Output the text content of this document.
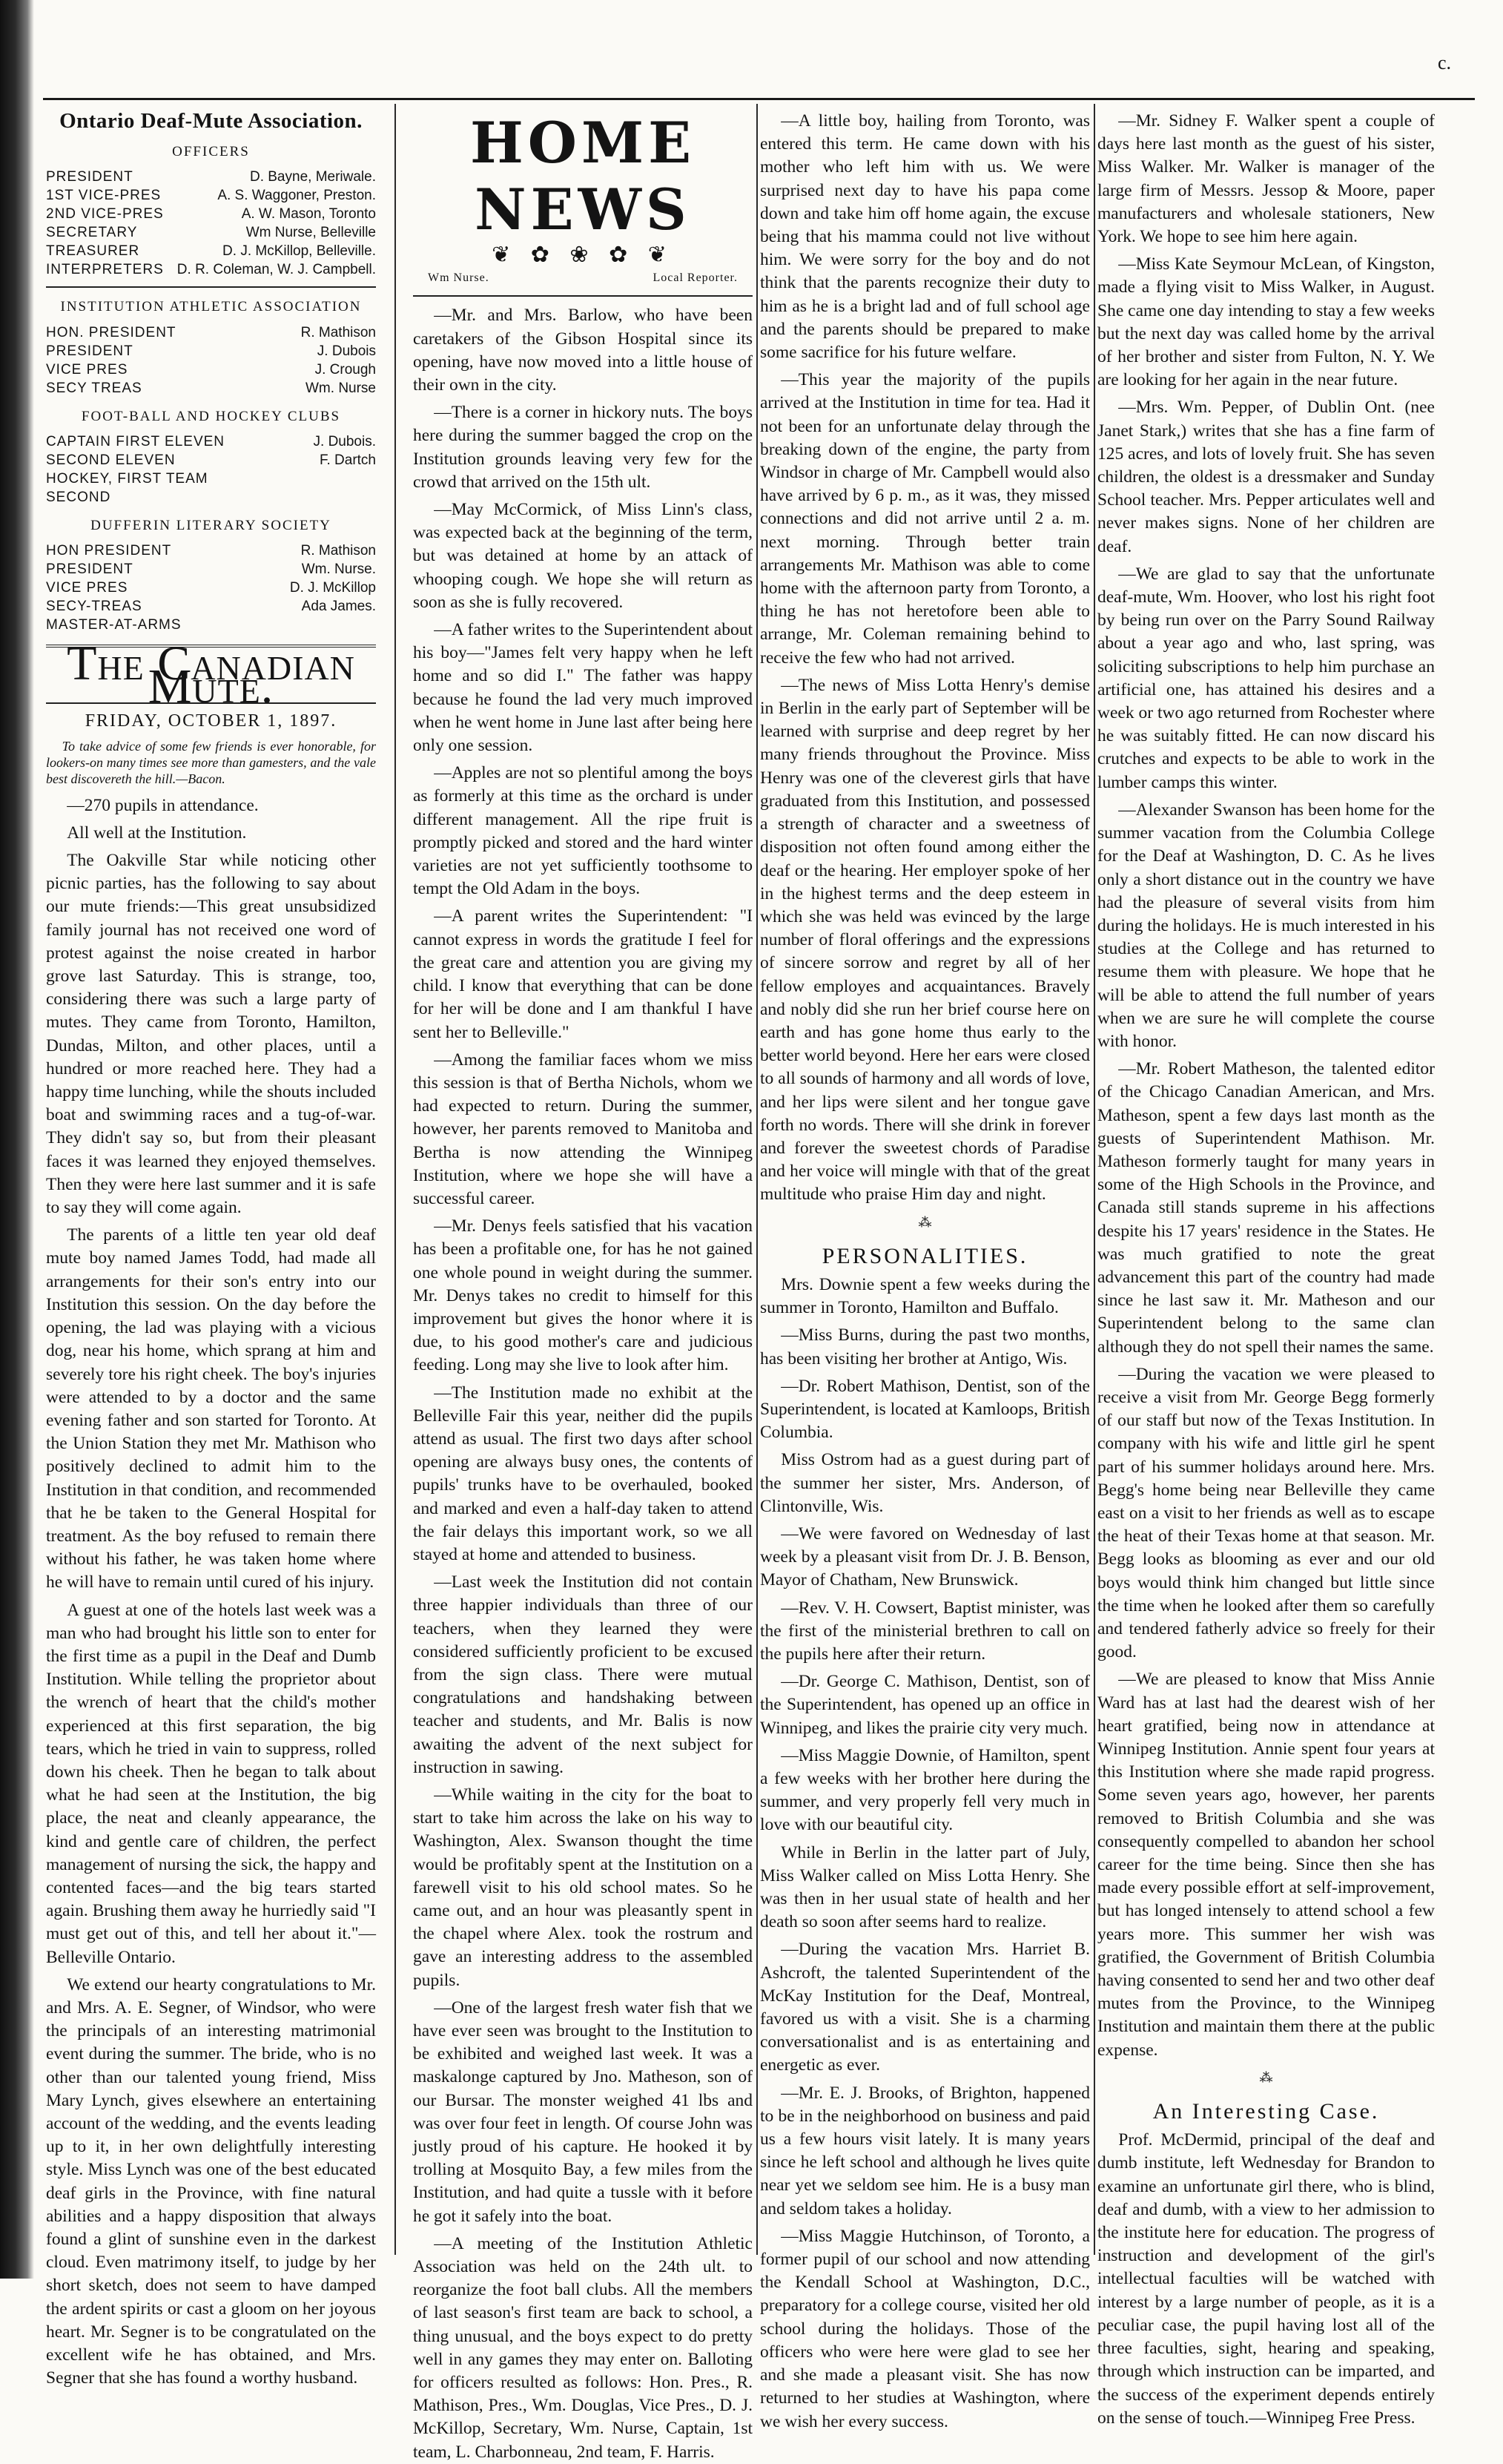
c.
Ontario Deaf-Mute Association.
OFFICERS
PRESIDENT	D. Bayne, Meriwale.
1ST VICE-PRES	A. S. Waggoner, Preston.
2ND VICE-PRES	A. W. Mason, Toronto
SECRETARY	Wm Nurse, Belleville
TREASURER	D. J. McKillop, Belleville.
INTERPRETERS D. R. Coleman, W. J. Campbell.
INSTITUTION ATHLETIC ASSOCIATION
HON. PRESIDENT	R. Mathison
PRESIDENT	J. Dubois
VICE PRES	J. Crough
SECY TREAS	Wm. Nurse
FOOT-BALL AND HOCKEY CLUBS
CAPTAIN FIRST ELEVEN	J. Dubois.
SECOND ELEVEN	F. Dartch
HOCKEY, FIRST TEAM
SECOND
DUFFERIN LITERARY SOCIETY
HON PRESIDENT	R. Mathison
PRESIDENT	Wm. Nurse.
VICE PRES	D. J. McKillop
SECY-TREAS	Ada James.
MASTER-AT-ARMS
The Canadian Mute.
FRIDAY, OCTOBER 1, 1897.
To take advice of some few friends is ever honorable, for lookers-on many times see more than gamesters, and the vale best discovereth the hill.—Bacon.

—270 pupils in attendance.

All well at the Institution.

The Oakville Star while noticing other picnic parties, has the following to say about our mute friends:—This great unsubsidized family journal has not received one word of protest against the noise created in harbor grove last Saturday. This is strange, too, considering there was such a large party of mutes. They came from Toronto, Hamilton, Dundas, Milton, and other places, until a hundred or more reached here. They had a happy time lunching, while the shouts included boat and swimming races and a tug-of-war. They didn't say so, but from their pleasant faces it was learned they enjoyed themselves. Then they were here last summer and it is safe to say they will come again.

The parents of a little ten year old deaf mute boy named James Todd, had made all arrangements for their son's entry into our Institution this session. On the day before the opening, the lad was playing with a vicious dog, near his home, which sprang at him and severely tore his right cheek. The boy's injuries were attended to by a doctor and the same evening father and son started for Toronto. At the Union Station they met Mr. Mathison who positively declined to admit him to the Institution in that condition, and recommended that he be taken to the General Hospital for treatment. As the boy refused to remain there without his father, he was taken home where he will have to remain until cured of his injury.

A guest at one of the hotels last week was a man who had brought his little son to enter for the first time as a pupil in the Deaf and Dumb Institution. While telling the proprietor about the wrench of heart that the child's mother experienced at this first separation, the big tears, which he tried in vain to suppress, rolled down his cheek. Then he began to talk about what he had seen at the Institution, the big place, the neat and cleanly appearance, the kind and gentle care of children, the perfect management of nursing the sick, the happy and contented faces—and the big tears started again. Brushing them away he hurriedly said "I must get out of this, and tell her about it."—Belleville Ontario.

We extend our hearty congratulations to Mr. and Mrs. A. E. Segner, of Windsor, who were the principals of an interesting matrimonial event during the summer. The bride, who is no other than our talented young friend, Miss Mary Lynch, gives elsewhere an entertaining account of the wedding, and the events leading up to it, in her own delightfully interesting style. Miss Lynch was one of the best educated deaf girls in the Province, with fine natural abilities and a happy disposition that always found a glint of sunshine even in the darkest cloud. Even matrimony itself, to judge by her short sketch, does not seem to have damped the ardent spirits or cast a gloom on her joyous heart. Mr. Segner is to be congratulated on the excellent wife he has obtained, and Mrs. Segner that she has found a worthy husband.

HOME NEWS
❦ ✿ ❀ ✿ ❦
Wm Nurse.	Local Reporter.

—Mr. and Mrs. Barlow, who have been caretakers of the Gibson Hospital since its opening, have now moved into a little house of their own in the city.

—There is a corner in hickory nuts. The boys here during the summer bagged the crop on the Institution grounds leaving very few for the crowd that arrived on the 15th ult.

—May McCormick, of Miss Linn's class, was expected back at the beginning of the term, but was detained at home by an attack of whooping cough. We hope she will return as soon as she is fully recovered.

—A father writes to the Superintendent about his boy—"James felt very happy when he left home and so did I." The father was happy because he found the lad very much improved when he went home in June last after being here only one session.

—Apples are not so plentiful among the boys as formerly at this time as the orchard is under different management. All the ripe fruit is promptly picked and stored and the hard winter varieties are not yet sufficiently toothsome to tempt the Old Adam in the boys.

—A parent writes the Superintendent: "I cannot express in words the gratitude I feel for the great care and attention you are giving my child. I know that everything that can be done for her will be done and I am thankful I have sent her to Belleville."

—Among the familiar faces whom we miss this session is that of Bertha Nichols, whom we had expected to return. During the summer, however, her parents removed to Manitoba and Bertha is now attending the Winnipeg Institution, where we hope she will have a successful career.

—Mr. Denys feels satisfied that his vacation has been a profitable one, for has he not gained one whole pound in weight during the summer. Mr. Denys takes no credit to himself for this improvement but gives the honor where it is due, to his good mother's care and judicious feeding. Long may she live to look after him.

—The Institution made no exhibit at the Belleville Fair this year, neither did the pupils attend as usual. The first two days after school opening are always busy ones, the contents of pupils' trunks have to be overhauled, booked and marked and even a half-day taken to attend the fair delays this important work, so we all stayed at home and attended to business.

—Last week the Institution did not contain three happier individuals than three of our teachers, when they learned they were considered sufficiently proficient to be excused from the sign class. There were mutual congratulations and handshaking between teacher and students, and Mr. Balis is now awaiting the advent of the next subject for instruction in sawing.

—While waiting in the city for the boat to start to take him across the lake on his way to Washington, Alex. Swanson thought the time would be profitably spent at the Institution on a farewell visit to his old school mates. So he came out, and an hour was pleasantly spent in the chapel where Alex. took the rostrum and gave an interesting address to the assembled pupils.

—One of the largest fresh water fish that we have ever seen was brought to the Institution to be exhibited and weighed last week. It was a maskalonge captured by Jno. Matheson, son of our Bursar. The monster weighed 41 lbs and was over four feet in length. Of course John was justly proud of his capture. He hooked it by trolling at Mosquito Bay, a few miles from the Institution, and had quite a tussle with it before he got it safely into the boat.

—A meeting of the Institution Athletic Association was held on the 24th ult. to reorganize the foot ball clubs. All the members of last season's first team are back to school, a thing unusual, and the boys expect to do pretty well in any games they may enter on. Balloting for officers resulted as follows: Hon. Pres., R. Mathison, Pres., Wm. Douglas, Vice Pres., D. J. McKillop, Secretary, Wm. Nurse, Captain, 1st team, L. Charbonneau, 2nd team, F. Harris.

—A little boy, hailing from Toronto, was entered this term. He came down with his mother who left him with us. We were surprised next day to have his papa come down and take him off home again, the excuse being that his mamma could not live without him. We were sorry for the boy and do not think that the parents recognize their duty to him as he is a bright lad and of full school age and the parents should be prepared to make some sacrifice for his future welfare.

—This year the majority of the pupils arrived at the Institution in time for tea. Had it not been for an unfortunate delay through the breaking down of the engine, the party from Windsor in charge of Mr. Campbell would also have arrived by 6 p. m., as it was, they missed connections and did not arrive until 2 a. m. next morning. Through better train arrangements Mr. Mathison was able to come home with the afternoon party from Toronto, a thing he has not heretofore been able to arrange, Mr. Coleman remaining behind to receive the few who had not arrived.

—The news of Miss Lotta Henry's demise in Berlin in the early part of September will be learned with surprise and deep regret by her many friends throughout the Province. Miss Henry was one of the cleverest girls that have graduated from this Institution, and possessed a strength of character and a sweetness of disposition not often found among either the deaf or the hearing. Her employer spoke of her in the highest terms and the deep esteem in which she was held was evinced by the large number of floral offerings and the expressions of sincere sorrow and regret by all of her fellow employes and acquaintances. Bravely and nobly did she run her brief course here on earth and has gone home thus early to the better world beyond. Here her ears were closed to all sounds of harmony and all words of love, and her lips were silent and her tongue gave forth no words. There will she drink in forever and forever the sweetest chords of Paradise and her voice will mingle with that of the great multitude who praise Him day and night.

⁂
PERSONALITIES.

Mrs. Downie spent a few weeks during the summer in Toronto, Hamilton and Buffalo.

—Miss Burns, during the past two months, has been visiting her brother at Antigo, Wis.

—Dr. Robert Mathison, Dentist, son of the Superintendent, is located at Kamloops, British Columbia.

Miss Ostrom had as a guest during part of the summer her sister, Mrs. Anderson, of Clintonville, Wis.

—We were favored on Wednesday of last week by a pleasant visit from Dr. J. B. Benson, Mayor of Chatham, New Brunswick.

—Rev. V. H. Cowsert, Baptist minister, was the first of the ministerial brethren to call on the pupils here after their return.

—Dr. George C. Mathison, Dentist, son of the Superintendent, has opened up an office in Winnipeg, and likes the prairie city very much.

—Miss Maggie Downie, of Hamilton, spent a few weeks with her brother here during the summer, and very properly fell very much in love with our beautiful city.

While in Berlin in the latter part of July, Miss Walker called on Miss Lotta Henry. She was then in her usual state of health and her death so soon after seems hard to realize.

—During the vacation Mrs. Harriet B. Ashcroft, the talented Superintendent of the McKay Institution for the Deaf, Montreal, favored us with a visit. She is a charming conversationalist and is as entertaining and energetic as ever.

—Mr. E. J. Brooks, of Brighton, happened to be in the neighborhood on business and paid us a few hours visit lately. It is many years since he left school and although he lives quite near yet we seldom see him. He is a busy man and seldom takes a holiday.

—Miss Maggie Hutchinson, of Toronto, a former pupil of our school and now attending the Kendall School at Washington, D.C., preparatory for a college course, visited her old school during the holidays. Those of the officers who were here were glad to see her and she made a pleasant visit. She has now returned to her studies at Washington, where we wish her every success.

—Mr. Sidney F. Walker spent a couple of days here last month as the guest of his sister, Miss Walker. Mr. Walker is manager of the large firm of Messrs. Jessop & Moore, paper manufacturers and wholesale stationers, New York. We hope to see him here again.

—Miss Kate Seymour McLean, of Kingston, made a flying visit to Miss Walker, in August. She came one day intending to stay a few weeks but the next day was called home by the arrival of her brother and sister from Fulton, N. Y. We are looking for her again in the near future.

—Mrs. Wm. Pepper, of Dublin Ont. (nee Janet Stark,) writes that she has a fine farm of 125 acres, and lots of lovely fruit. She has seven children, the oldest is a dressmaker and Sunday School teacher. Mrs. Pepper articulates well and never makes signs. None of her children are deaf.

—We are glad to say that the unfortunate deaf-mute, Wm. Hoover, who lost his right foot by being run over on the Parry Sound Railway about a year ago and who, last spring, was soliciting subscriptions to help him purchase an artificial one, has attained his desires and a week or two ago returned from Rochester where he was suitably fitted. He can now discard his crutches and expects to be able to work in the lumber camps this winter.

—Alexander Swanson has been home for the summer vacation from the Columbia College for the Deaf at Washington, D. C. As he lives only a short distance out in the country we have had the pleasure of several visits from him during the holidays. He is much interested in his studies at the College and has returned to resume them with pleasure. We hope that he will be able to attend the full number of years when we are sure he will complete the course with honor.

—Mr. Robert Matheson, the talented editor of the Chicago Canadian American, and Mrs. Matheson, spent a few days last month as the guests of Superintendent Mathison. Mr. Matheson formerly taught for many years in some of the High Schools in the Province, and Canada still stands supreme in his affections despite his 17 years' residence in the States. He was much gratified to note the great advancement this part of the country had made since he last saw it. Mr. Matheson and our Superintendent belong to the same clan although they do not spell their names the same.

—During the vacation we were pleased to receive a visit from Mr. George Begg formerly of our staff but now of the Texas Institution. In company with his wife and little girl he spent part of his summer holidays around here. Mrs. Begg's home being near Belleville they came east on a visit to her friends as well as to escape the heat of their Texas home at that season. Mr. Begg looks as blooming as ever and our old boys would think him changed but little since the time when he looked after them so carefully and tendered fatherly advice so freely for their good.

—We are pleased to know that Miss Annie Ward has at last had the dearest wish of her heart gratified, being now in attendance at Winnipeg Institution. Annie spent four years at this Institution where she made rapid progress. Some seven years ago, however, her parents removed to British Columbia and she was consequently compelled to abandon her school career for the time being. Since then she has made every possible effort at self-improvement, but has longed intensely to attend school a few years more. This summer her wish was gratified, the Government of British Columbia having consented to send her and two other deaf mutes from the Province, to the Winnipeg Institution and maintain them there at the public expense.

⁂
An Interesting Case.

Prof. McDermid, principal of the deaf and dumb institute, left Wednesday for Brandon to examine an unfortunate girl there, who is blind, deaf and dumb, with a view to her admission to the institute here for education. The progress of instruction and development of the girl's intellectual faculties will be watched with interest by a large number of people, as it is a peculiar case, the pupil having lost all of the three faculties, sight, hearing and speaking, through which instruction can be imparted, and the success of the experiment depends entirely on the sense of touch.—Winnipeg Free Press.
